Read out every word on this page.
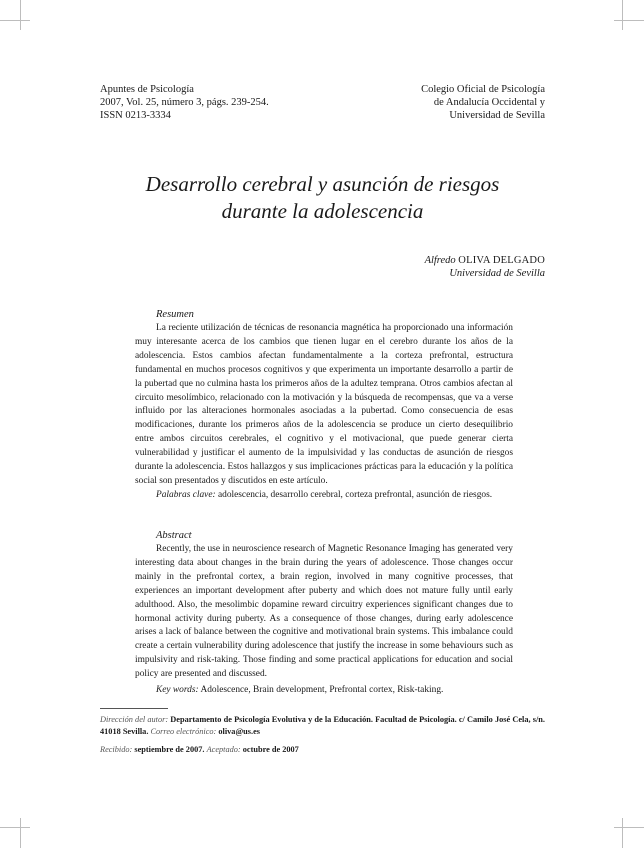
Apuntes de Psicología
2007, Vol. 25, número 3, págs. 239-254.
ISSN 0213-3334
Colegio Oficial de Psicología
de Andalucía Occidental y
Universidad de Sevilla
Desarrollo cerebral y asunción de riesgos
durante la adolescencia
Alfredo OLIVA DELGADO
Universidad de Sevilla
Resumen

La reciente utilización de técnicas de resonancia magnética ha proporcionado una información muy interesante acerca de los cambios que tienen lugar en el cerebro durante los años de la adolescencia. Estos cambios afectan fundamentalmente a la corteza prefrontal, estructura fundamental en muchos procesos cognitivos y que experimenta un importante desarrollo a partir de la pubertad que no culmina hasta los primeros años de la adultez temprana. Otros cambios afectan al circuito mesolímbico, relacionado con la motivación y la búsqueda de recompensas, que va a verse influido por las alteraciones hormonales asociadas a la pubertad. Como consecuencia de esas modificaciones, durante los primeros años de la adolescencia se produce un cierto desequilibrio entre ambos circuitos cerebrales, el cognitivo y el motivacional, que puede generar cierta vulnerabilidad y justificar el aumento de la impulsividad y las conductas de asunción de riesgos durante la adolescencia. Estos hallazgos y sus implicaciones prácticas para la educación y la política social son presentados y discutidos en este artículo.

Palabras clave: adolescencia, desarrollo cerebral, corteza prefrontal, asunción de riesgos.
Abstract

Recently, the use in neuroscience research of Magnetic Resonance Imaging has generated very interesting data about changes in the brain during the years of adolescence. Those changes occur mainly in the prefrontal cortex, a brain region, involved in many cognitive processes, that experiences an important development after puberty and which does not mature fully until early adulthood. Also, the mesolimbic dopamine reward circuitry experiences significant changes due to hormonal activity during puberty. As a consequence of those changes, during early adolescence arises a lack of balance between the cognitive and motivational brain systems. This imbalance could create a certain vulnerability during adolescence that justify the increase in some behaviours such as impulsivity and risk-taking. Those finding and some practical applications for education and social policy are presented and discussed.

Key words: Adolescence, Brain development, Prefrontal cortex, Risk-taking.
Dirección del autor: Departamento de Psicología Evolutiva y de la Educación. Facultad de Psicología. c/ Camilo José Cela, s/n. 41018 Sevilla. Correo electrónico: oliva@us.es
Recibido: septiembre de 2007. Aceptado: octubre de 2007
